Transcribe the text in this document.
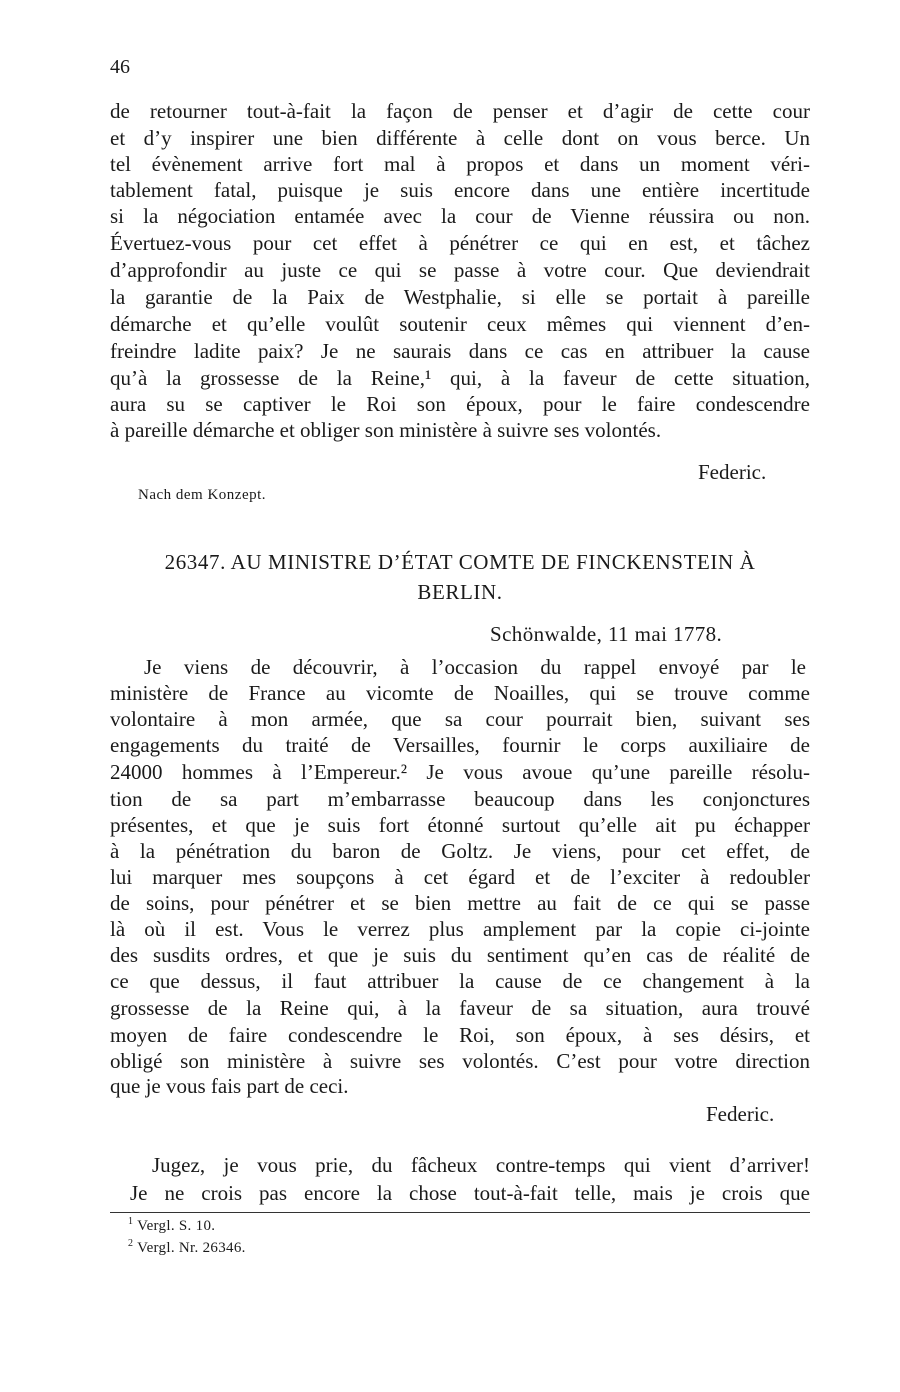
46
de retourner tout-à-fait la façon de penser et d’agir de cette cour
et d’y inspirer une bien différente à celle dont on vous berce. Un
tel évènement arrive fort mal à propos et dans un moment véri-
tablement fatal, puisque je suis encore dans une entière incertitude
si la négociation entamée avec la cour de Vienne réussira ou non.
Évertuez-vous pour cet effet à pénétrer ce qui en est, et tâchez
d’approfondir au juste ce qui se passe à votre cour. Que deviendrait
la garantie de la Paix de Westphalie, si elle se portait à pareille
démarche et qu’elle voulût soutenir ceux mêmes qui viennent d’en-
freindre ladite paix? Je ne saurais dans ce cas en attribuer la cause
qu’à la grossesse de la Reine,¹ qui, à la faveur de cette situation,
aura su se captiver le Roi son époux, pour le faire condescendre
à pareille démarche et obliger son ministère à suivre ses volontés.
Federic.
Nach dem Konzept.
26347. AU MINISTRE D’ÉTAT COMTE DE FINCKENSTEIN À
BERLIN.
Schönwalde, 11 mai 1778.
Je viens de découvrir, à l’occasion du rappel envoyé par le
ministère de France au vicomte de Noailles, qui se trouve comme
volontaire à mon armée, que sa cour pourrait bien, suivant ses
engagements du traité de Versailles, fournir le corps auxiliaire de
24000 hommes à l’Empereur.² Je vous avoue qu’une pareille résolu-
tion de sa part m’embarrasse beaucoup dans les conjonctures
présentes, et que je suis fort étonné surtout qu’elle ait pu échapper
à la pénétration du baron de Goltz. Je viens, pour cet effet, de
lui marquer mes soupçons à cet égard et de l’exciter à redoubler
de soins, pour pénétrer et se bien mettre au fait de ce qui se passe
là où il est. Vous le verrez plus amplement par la copie ci-jointe
des susdits ordres, et que je suis du sentiment qu’en cas de réalité de
ce que dessus, il faut attribuer la cause de ce changement à la
grossesse de la Reine qui, à la faveur de sa situation, aura trouvé
moyen de faire condescendre le Roi, son époux, à ses désirs, et
obligé son ministère à suivre ses volontés. C’est pour votre direction
que je vous fais part de ceci.
Federic.
Jugez, je vous prie, du fâcheux contre-temps qui vient d’arriver!
Je ne crois pas encore la chose tout-à-fait telle, mais je crois que
$^1$ Vergl. S. 10.
$^2$ Vergl. Nr. 26346.
